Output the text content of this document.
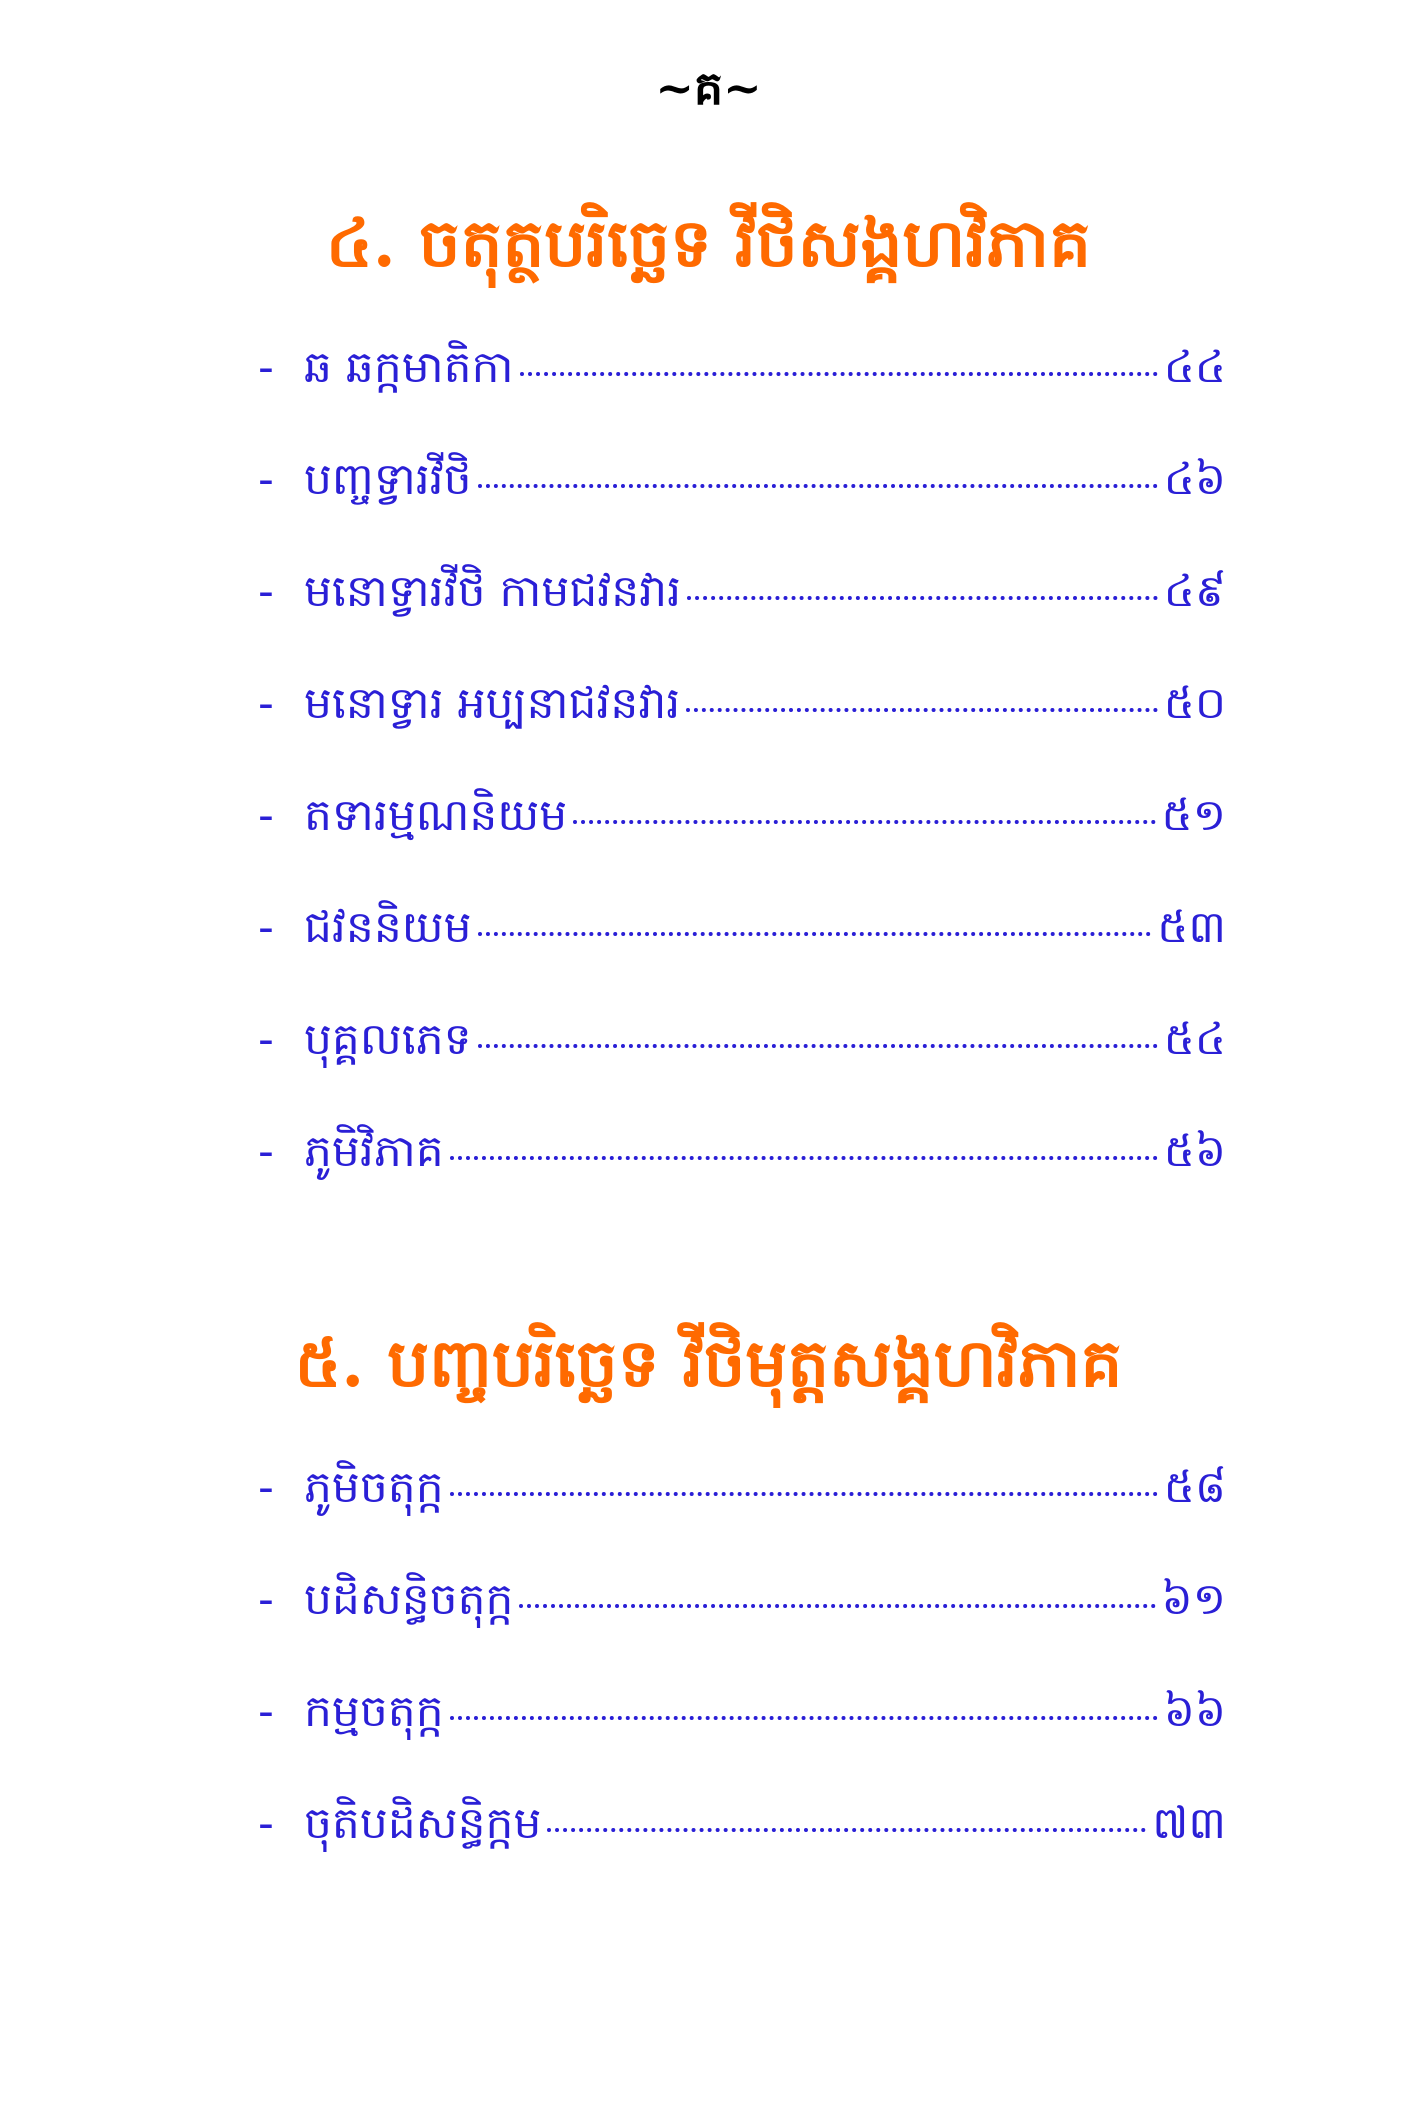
~គ~
៤. ចតុត្ថបរិច្ឆេទ វីថិសង្គហវិភាគ
- ឆ ឆក្កមាតិកា	៤៤
- បញ្ចទ្វារវីថិ	៤៦
- មនោទ្វារវីថិ កាមជវនវារ	៤៩
- មនោទ្វារ អប្បនាជវនវារ	៥០
- តទារម្មណនិយម	៥១
- ជវននិយម	៥៣
- បុគ្គលភេទ	៥៤
- ភូមិវិភាគ	៥៦
៥. បញ្ចបរិច្ឆេទ វីថិមុត្តសង្គហវិភាគ
- ភូមិចតុក្ក	៥៨
- បដិសន្ធិចតុក្ក	៦១
- កម្មចតុក្ក	៦៦
- ចុតិបដិសន្ធិក្កម	៧៣
